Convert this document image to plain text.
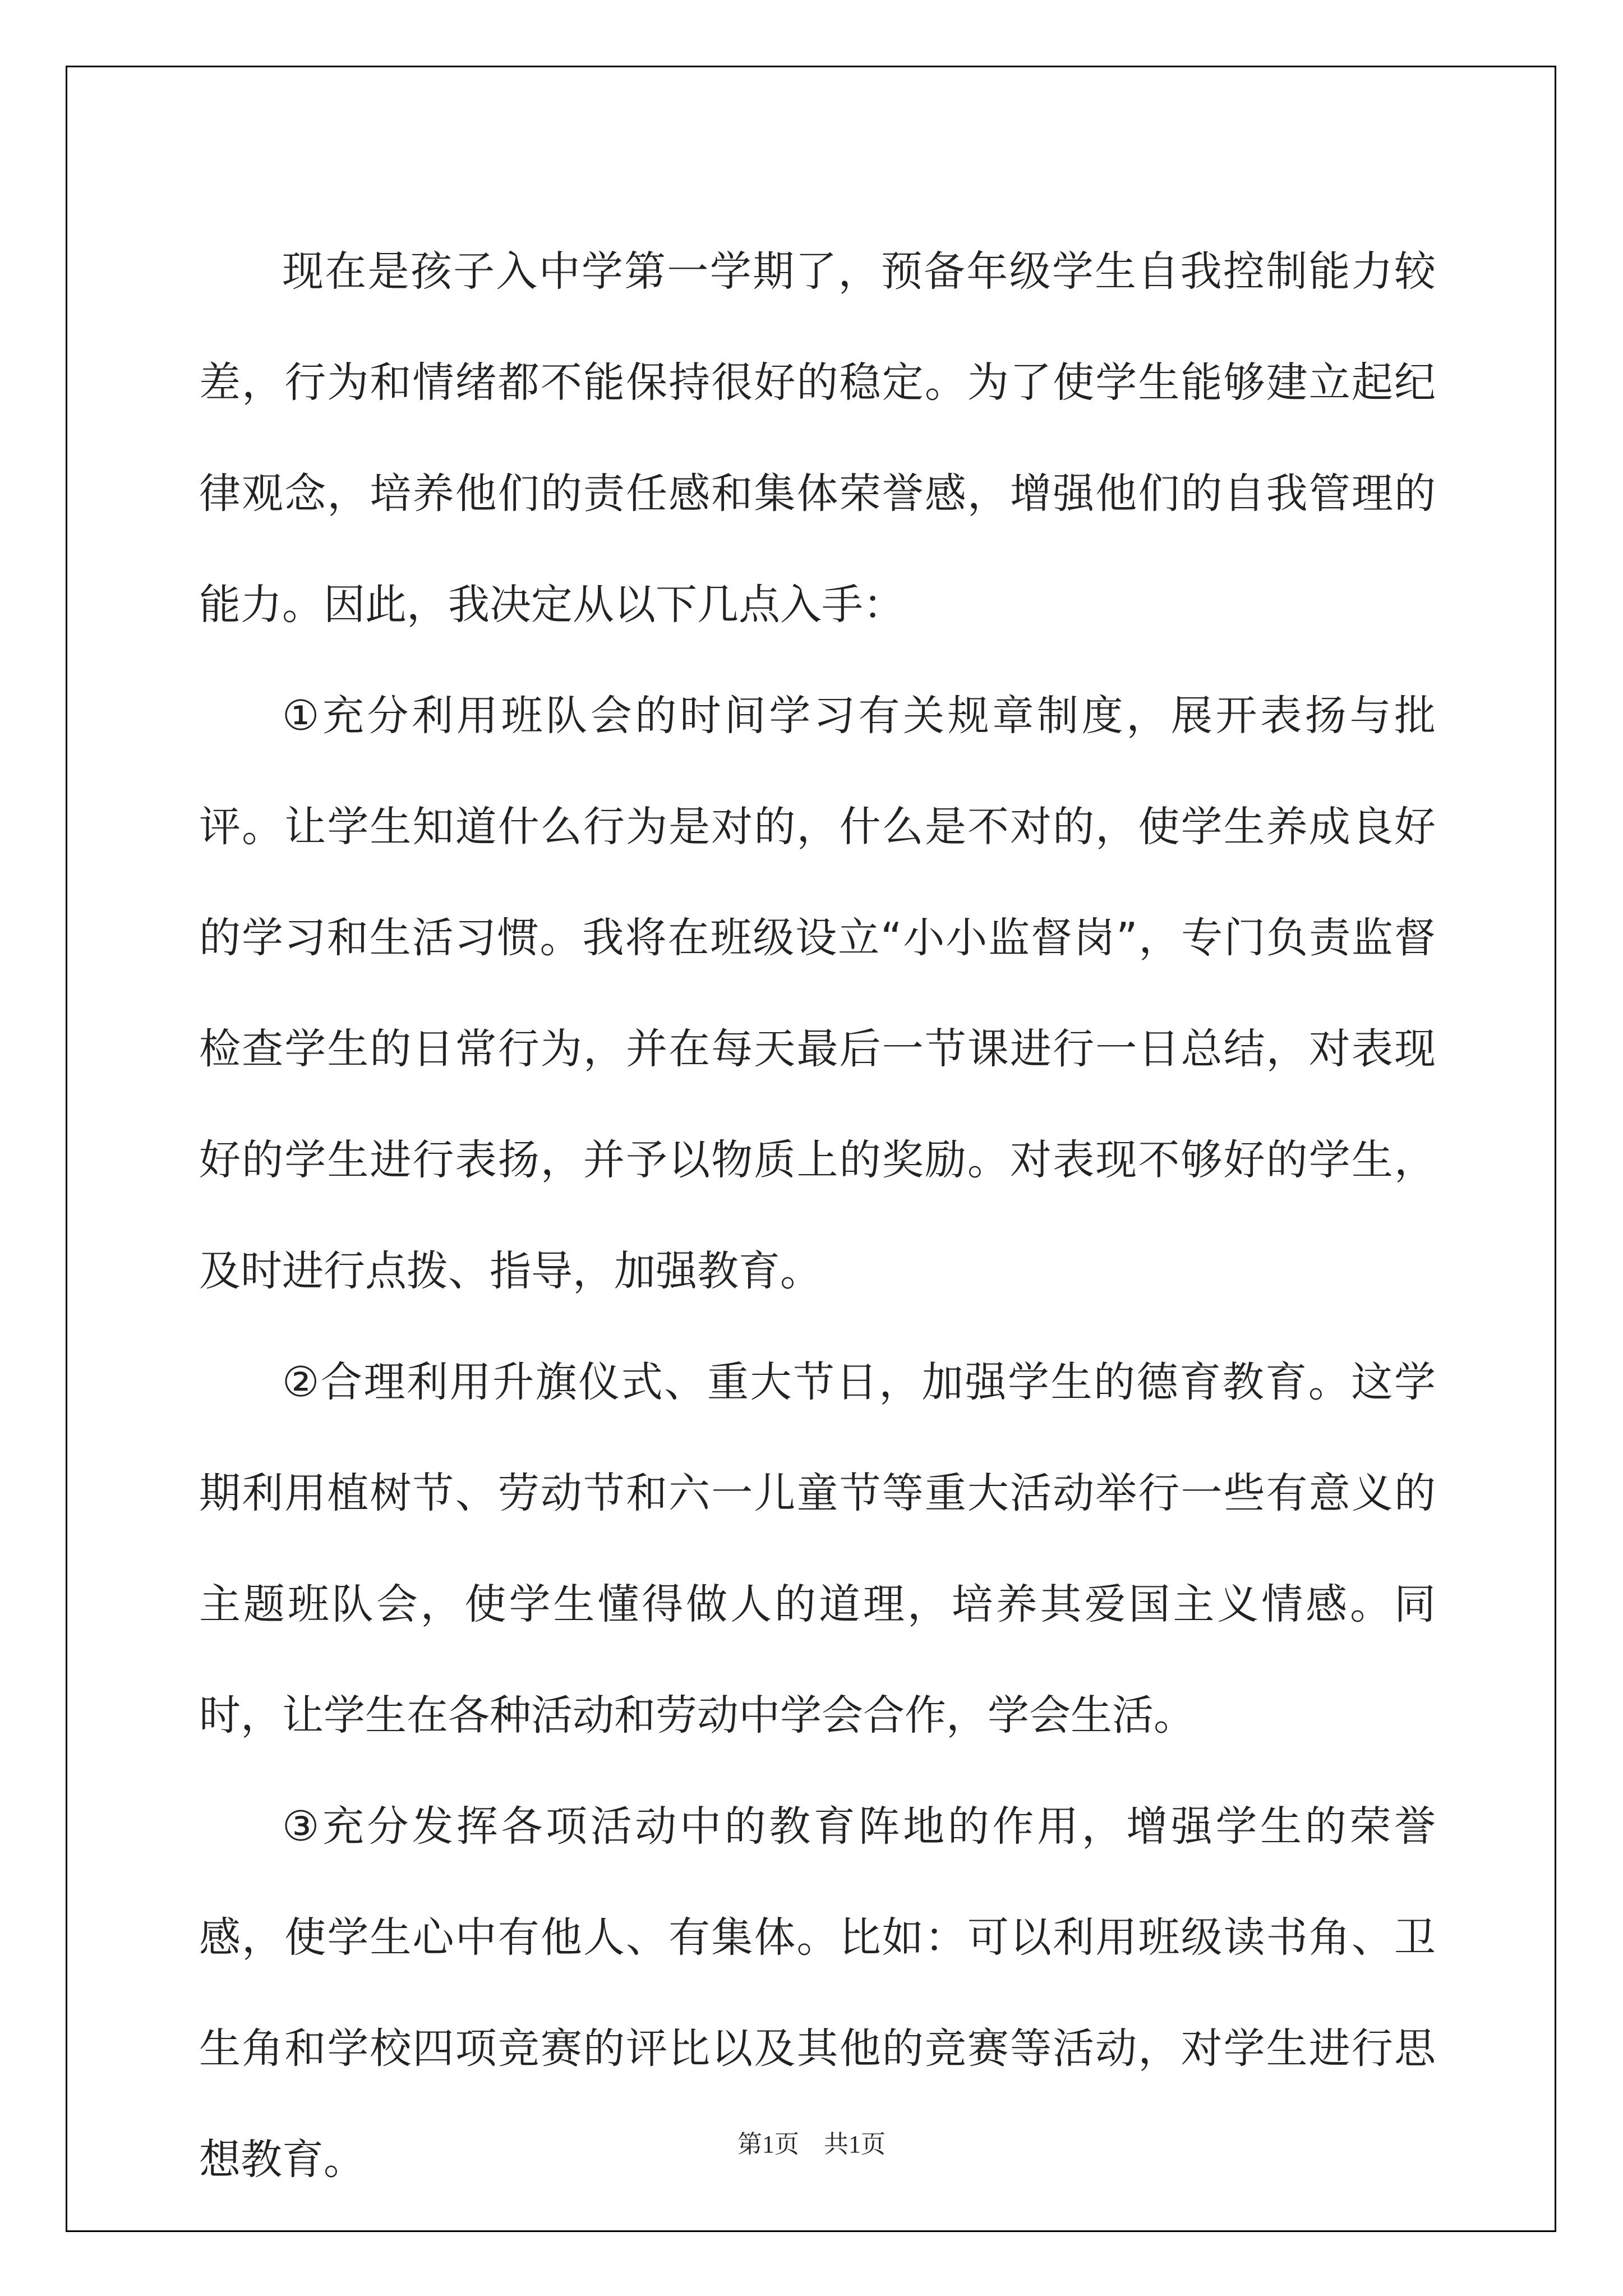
现在是孩子入中学第一学期了，预备年级学生自我控制能力较差，行为和情绪都不能保持很好的稳定。为了使学生能够建立起纪律观念，培养他们的责任感和集体荣誉感，增强他们的自我管理的能力。因此，我决定从以下几点入手：

①充分利用班队会的时间学习有关规章制度，展开表扬与批评。让学生知道什么行为是对的，什么是不对的，使学生养成良好的学习和生活习惯。我将在班级设立“小小监督岗”，专门负责监督检查学生的日常行为，并在每天最后一节课进行一日总结，对表现好的学生进行表扬，并予以物质上的奖励。对表现不够好的学生，及时进行点拨、指导，加强教育。

②合理利用升旗仪式、重大节日，加强学生的德育教育。这学期利用植树节、劳动节和六一儿童节等重大活动举行一些有意义的主题班队会，使学生懂得做人的道理，培养其爱国主义情感。同时，让学生在各种活动和劳动中学会合作，学会生活。

③充分发挥各项活动中的教育阵地的作用，增强学生的荣誉感，使学生心中有他人、有集体。比如：可以利用班级读书角、卫生角和学校四项竞赛的评比以及其他的竞赛等活动，对学生进行思想教育。	第1页　共1页
